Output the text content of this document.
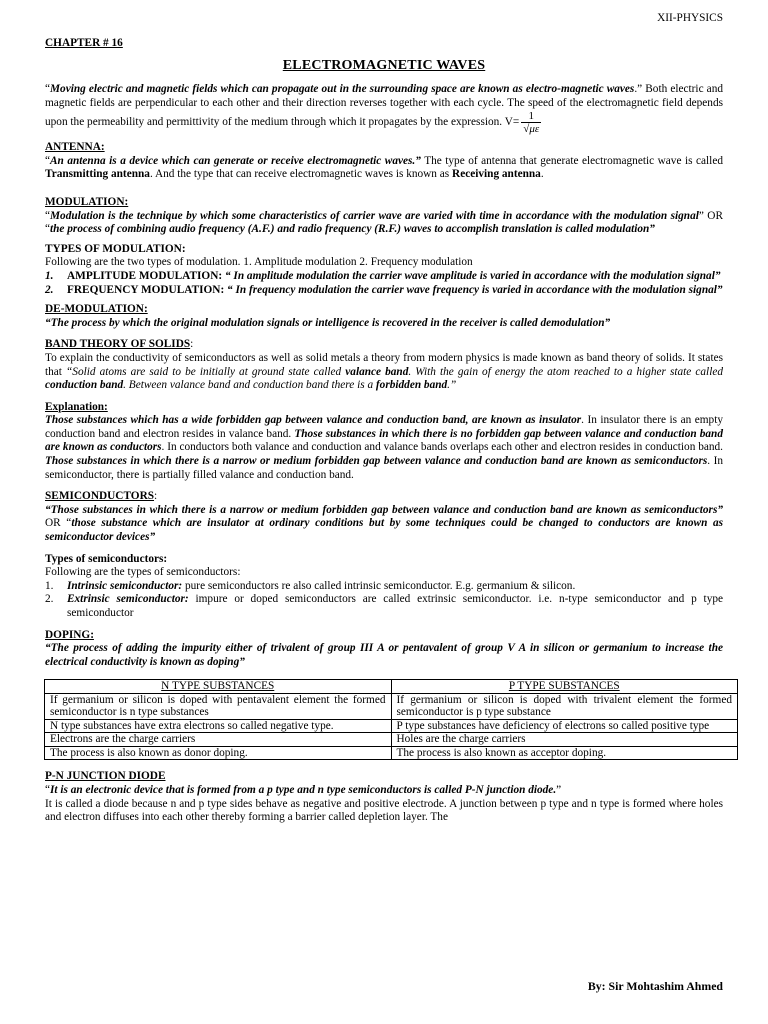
XII-PHYSICS
CHAPTER # 16
ELECTROMAGNETIC WAVES

“Moving electric and magnetic fields which can propagate out in the surrounding space are known as electro-magnetic waves.” Both electric and magnetic fields are perpendicular to each other and their direction reverses together with each cycle. The speed of the electromagnetic field depends upon the permeability and permittivity of the medium through which it propagates by the expression. $V= \frac{1}{√\mu\varepsilon}$

ANTENNA:

“An antenna is a device which can generate or receive electromagnetic waves.” The type of antenna that generate electromagnetic wave is called Transmitting antenna. And the type that can receive electromagnetic waves is known as Receiving antenna.

MODULATION:

“Modulation is the technique by which some characteristics of carrier wave are varied with time in accordance with the modulation signal” OR “the process of combining audio frequency (A.F.) and radio frequency (R.F.) waves to accomplish translation is called modulation”

TYPES OF MODULATION:

Following are the two types of modulation. 1. Amplitude modulation 2. Frequency modulation

1. AMPLITUDE MODULATION: “ In amplitude modulation the carrier wave amplitude is varied in accordance with the modulation signal”
2. FREQUENCY MODULATION: “ In frequency modulation the carrier wave frequency is varied in accordance with the modulation signal”
DE-MODULATION:

“The process by which the original modulation signals or intelligence is recovered in the receiver is called demodulation”

BAND THEORY OF SOLIDS:

To explain the conductivity of semiconductors as well as solid metals a theory from modern physics is made known as band theory of solids. It states that “Solid atoms are said to be initially at ground state called valance band. With the gain of energy the atom reached to a higher state called conduction band. Between valance band and conduction band there is a forbidden band.”

Explanation:

Those substances which has a wide forbidden gap between valance and conduction band, are known as insulator. In insulator there is an empty conduction band and electron resides in valance band. Those substances in which there is no forbidden gap between valance and conduction band are known as conductors. In conductors both valance and conduction and valance bands overlaps each other and electron resides in conduction band. Those substances in which there is a narrow or medium forbidden gap between valance and conduction band are known as semiconductors. In semiconductor, there is partially filled valance and conduction band.

SEMICONDUCTORS:

“Those substances in which there is a narrow or medium forbidden gap between valance and conduction band are known as semiconductors” OR “those substance which are insulator at ordinary conditions but by some techniques could be changed to conductors are known as semiconductor devices”

Types of semiconductors:

Following are the types of semiconductors:

1. Intrinsic semiconductor: pure semiconductors re also called intrinsic semiconductor. E.g. germanium & silicon.
2. Extrinsic semiconductor: impure or doped semiconductors are called extrinsic semiconductor. i.e. n-type semiconductor and p type semiconductor
DOPING:

“The process of adding the impurity either of trivalent of group III A or pentavalent of group V A in silicon or germanium to increase the electrical conductivity is known as doping”

N TYPE SUBSTANCES	P TYPE SUBSTANCES
If germanium or silicon is doped with pentavalent element the formed semiconductor is n type substances	If germanium or silicon is doped with trivalent element the formed semiconductor is p type substance
N type substances have extra electrons so called negative type.	P type substances have deficiency of electrons so called positive type
Electrons are the charge carriers	Holes are the charge carriers
The process is also known as donor doping.	The process is also known as acceptor doping.
P-N JUNCTION DIODE

“It is an electronic device that is formed from a p type and n type semiconductors is called P-N junction diode.”

It is called a diode because n and p type sides behave as negative and positive electrode. A junction between p type and n type is formed where holes and electron diffuses into each other thereby forming a barrier called depletion layer. The

By: Sir Mohtashim Ahmed
